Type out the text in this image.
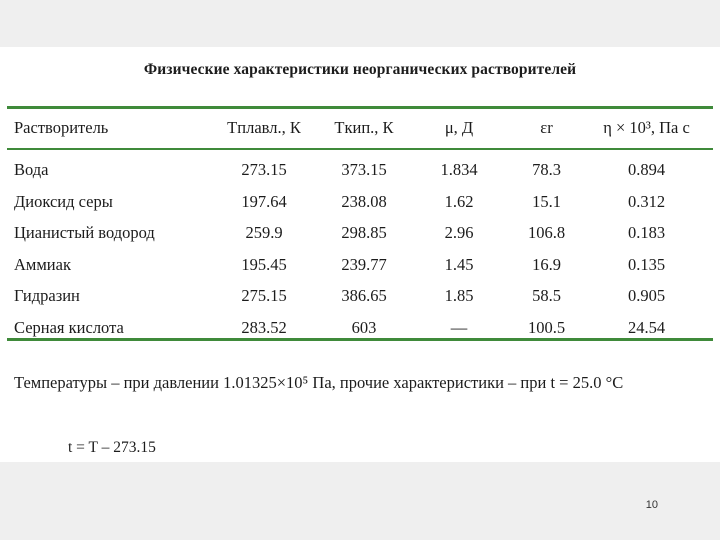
Физические характеристики неорганических растворителей
Растворитель	Tплавл., К	Tкип., К	μ, Д	εr	η × 10³, Па с
Вода	273.15	373.15	1.834	78.3	0.894
Диоксид серы	197.64	238.08	1.62	15.1	0.312
Цианистый водород	259.9	298.85	2.96	106.8	0.183
Аммиак	195.45	239.77	1.45	16.9	0.135
Гидразин	275.15	386.65	1.85	58.5	0.905
Серная кислота	283.52	603	—	100.5	24.54
Температуры – при давлении 1.01325×10⁵ Па, прочие характеристики – при t = 25.0 °C
t = T – 273.15
10
